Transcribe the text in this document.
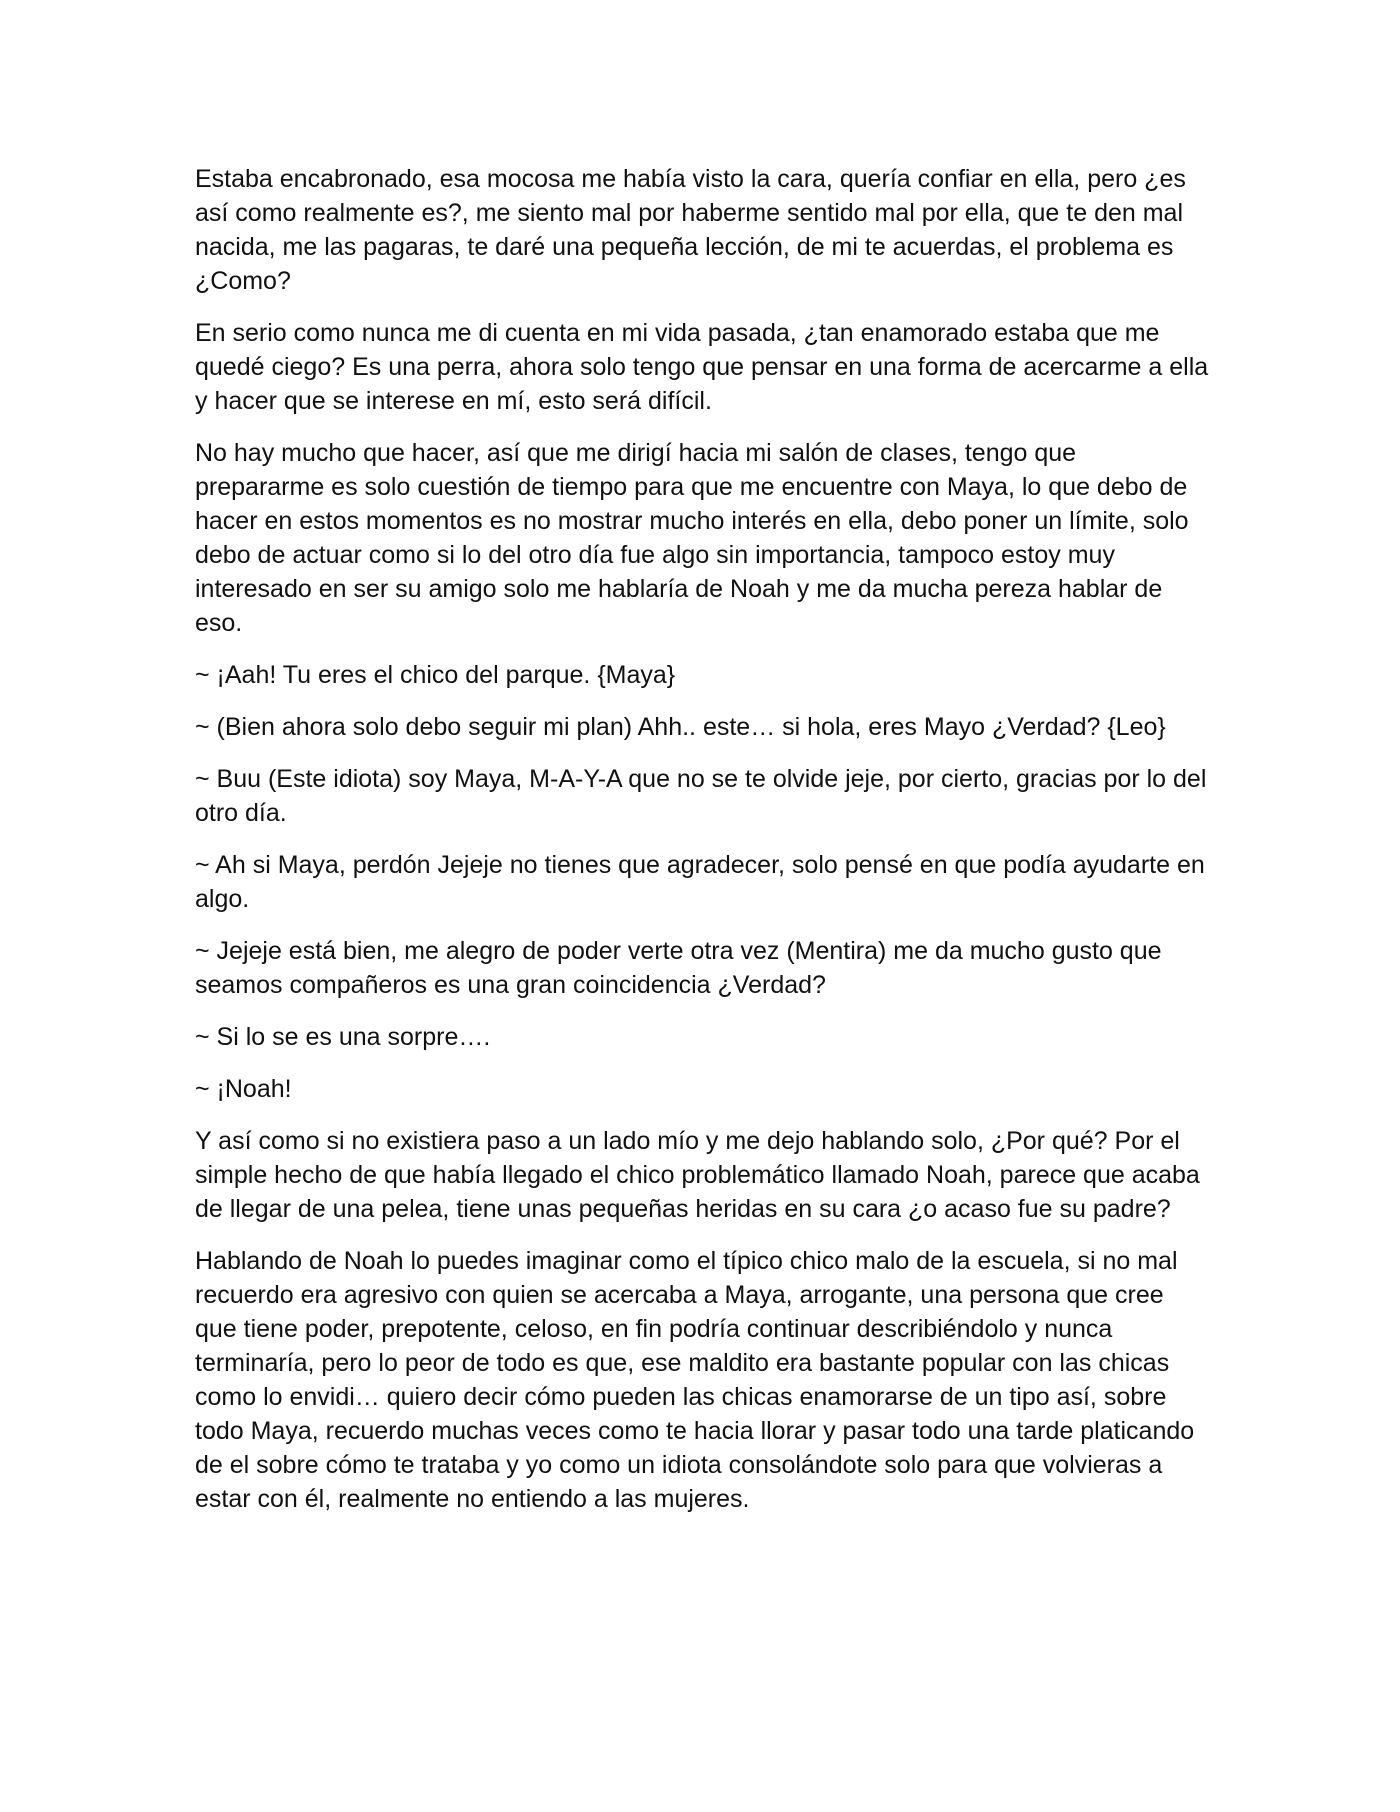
Estaba encabronado, esa mocosa me había visto la cara, quería confiar en ella, pero ¿es así como realmente es?, me siento mal por haberme sentido mal por ella, que te den mal nacida, me las pagaras, te daré una pequeña lección, de mi te acuerdas, el problema es ¿Como?

En serio como nunca me di cuenta en mi vida pasada, ¿tan enamorado estaba que me quedé ciego? Es una perra, ahora solo tengo que pensar en una forma de acercarme a ella y hacer que se interese en mí, esto será difícil.

No hay mucho que hacer, así que me dirigí hacia mi salón de clases, tengo que prepararme es solo cuestión de tiempo para que me encuentre con Maya, lo que debo de hacer en estos momentos es no mostrar mucho interés en ella, debo poner un límite, solo debo de actuar como si lo del otro día fue algo sin importancia, tampoco estoy muy interesado en ser su amigo solo me hablaría de Noah y me da mucha pereza hablar de eso.

~ ¡Aah! Tu eres el chico del parque. {Maya}

~ (Bien ahora solo debo seguir mi plan) Ahh.. este… si hola, eres Mayo ¿Verdad? {Leo}

~ Buu (Este idiota) soy Maya, M-A-Y-A que no se te olvide jeje, por cierto, gracias por lo del otro día.

~ Ah si Maya, perdón Jejeje no tienes que agradecer, solo pensé en que podía ayudarte en algo.

~ Jejeje está bien, me alegro de poder verte otra vez (Mentira) me da mucho gusto que seamos compañeros es una gran coincidencia ¿Verdad?

~ Si lo se es una sorpre….

~ ¡Noah!

Y así como si no existiera paso a un lado mío y me dejo hablando solo, ¿Por qué? Por el simple hecho de que había llegado el chico problemático llamado Noah, parece que acaba de llegar de una pelea, tiene unas pequeñas heridas en su cara ¿o acaso fue su padre?

Hablando de Noah lo puedes imaginar como el típico chico malo de la escuela, si no mal recuerdo era agresivo con quien se acercaba a Maya, arrogante, una persona que cree que tiene poder, prepotente, celoso, en fin podría continuar describiéndolo y nunca terminaría, pero lo peor de todo es que, ese maldito era bastante popular con las chicas como lo envidi… quiero decir cómo pueden las chicas enamorarse de un tipo así, sobre todo Maya, recuerdo muchas veces como te hacia llorar y pasar todo una tarde platicando de el sobre cómo te trataba y yo como un idiota consolándote solo para que volvieras a estar con él, realmente no entiendo a las mujeres.
